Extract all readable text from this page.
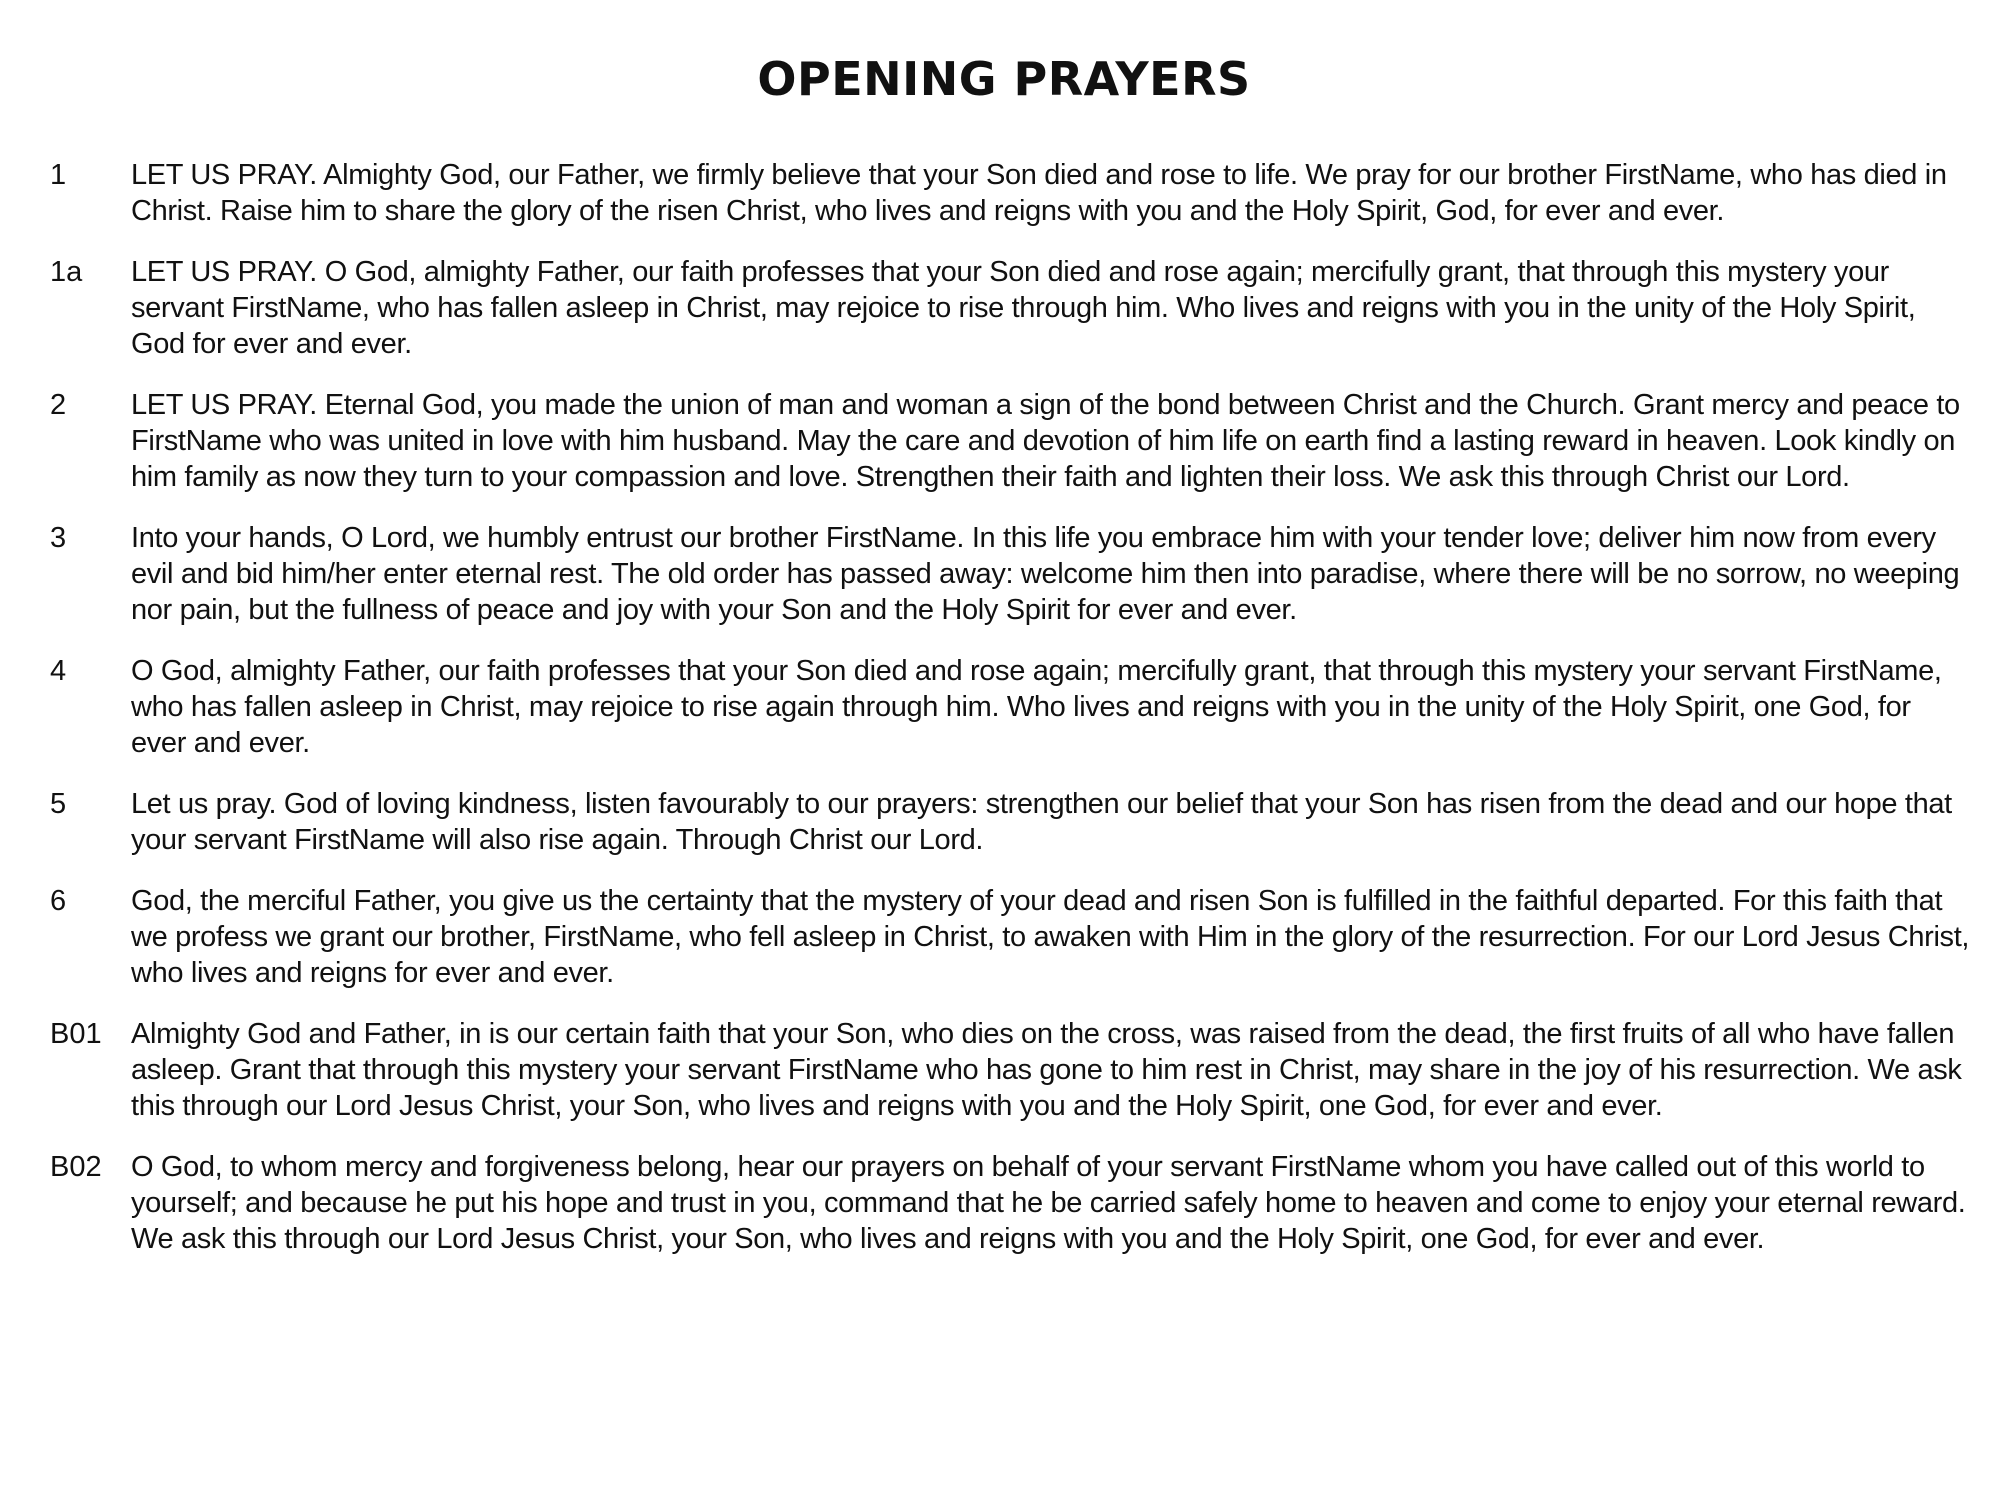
OPENING PRAYERS
1	LET US PRAY. Almighty God, our Father, we firmly believe that your Son died and rose to life. We pray for our brother FirstName, who has died in Christ. Raise him to share the glory of the risen Christ, who lives and reigns with you and the Holy Spirit, God, for ever and ever.
1a	LET US PRAY. O God, almighty Father, our faith professes that your Son died and rose again; mercifully grant, that through this mystery your servant FirstName, who has fallen asleep in Christ, may rejoice to rise through him. Who lives and reigns with you in the unity of the Holy Spirit, God for ever and ever.
2	LET US PRAY. Eternal God, you made the union of man and woman a sign of the bond between Christ and the Church. Grant mercy and peace to FirstName who was united in love with him husband. May the care and devotion of him life on earth find a lasting reward in heaven. Look kindly on him family as now they turn to your compassion and love. Strengthen their faith and lighten their loss. We ask this through Christ our Lord.
3	Into your hands, O Lord, we humbly entrust our brother FirstName. In this life you embrace him with your tender love; deliver him now from every evil and bid him/her enter eternal rest. The old order has passed away: welcome him then into paradise, where there will be no sorrow, no weeping nor pain, but the fullness of peace and joy with your Son and the Holy Spirit for ever and ever.
4	O God, almighty Father, our faith professes that your Son died and rose again; mercifully grant, that through this mystery your servant FirstName, who has fallen asleep in Christ, may rejoice to rise again through him. Who lives and reigns with you in the unity of the Holy Spirit, one God, for ever and ever.
5	Let us pray. God of loving kindness, listen favourably to our prayers: strengthen our belief that your Son has risen from the dead and our hope that your servant FirstName will also rise again. Through Christ our Lord.
6	God, the merciful Father, you give us the certainty that the mystery of your dead and risen Son is fulfilled in the faithful departed. For this faith that we profess we grant our brother, FirstName, who fell asleep in Christ, to awaken with Him in the glory of the resurrection. For our Lord Jesus Christ, who lives and reigns for ever and ever.
B01	Almighty God and Father, in is our certain faith that your Son, who dies on the cross, was raised from the dead, the first fruits of all who have fallen asleep. Grant that through this mystery your servant FirstName who has gone to him rest in Christ, may share in the joy of his resurrection. We ask this through our Lord Jesus Christ, your Son, who lives and reigns with you and the Holy Spirit, one God, for ever and ever.
B02	O God, to whom mercy and forgiveness belong, hear our prayers on behalf of your servant FirstName whom you have called out of this world to yourself; and because he put his hope and trust in you, command that he be carried safely home to heaven and come to enjoy your eternal reward. We ask this through our Lord Jesus Christ, your Son, who lives and reigns with you and the Holy Spirit, one God, for ever and ever.
